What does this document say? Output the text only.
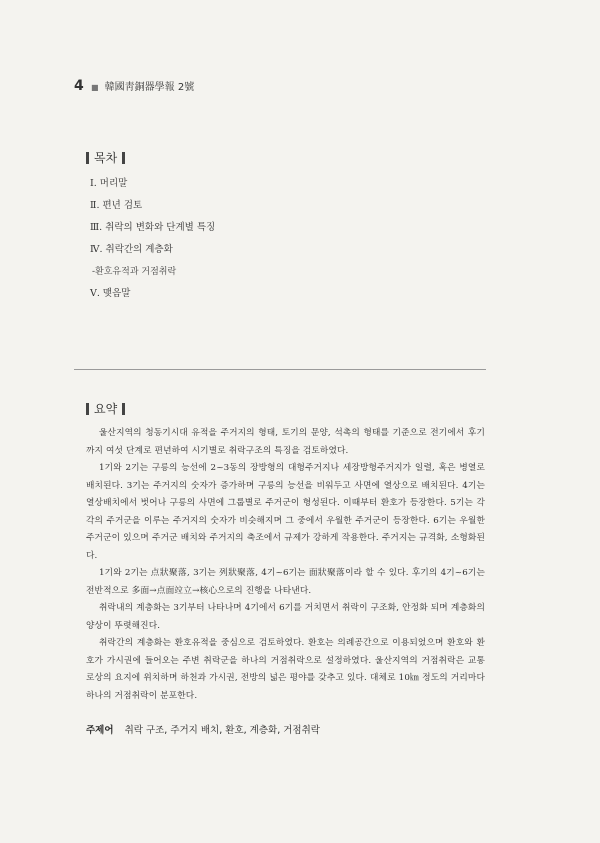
4 ■ 韓國靑銅器學報 2號
목차
Ⅰ. 머리말
Ⅱ. 편년 검토
Ⅲ. 취락의 변화와 단계별 특징
Ⅳ. 취락간의 계층화
-환호유적과 거점취락
Ⅴ. 맺음말
요약

울산지역의 청동기시대 유적을 주거지의 형태, 토기의 문양, 석촉의 형태를 기준으로 전기에서 후기까지 여섯 단계로 편년하여 시기별로 취락구조의 특징을 검토하였다.

1기와 2기는 구릉의 능선에 2~3동의 장방형의 대형주거지나 세장방형주거지가 일렬, 혹은 병열로 배치된다. 3기는 주거지의 숫자가 증가하며 구릉의 능선을 비워두고 사면에 열상으로 배치된다. 4기는 열상배치에서 벗어나 구릉의 사면에 그룹별로 주거군이 형성된다. 이때부터 환호가 등장한다. 5기는 각각의 주거군을 이루는 주거지의 숫자가 비슷해지며 그 중에서 우월한 주거군이 등장한다. 6기는 우월한 주거군이 있으며 주거군 배치와 주거지의 축조에서 규제가 강하게 작용한다. 주거지는 규격화, 소형화된다.

1기와 2기는 点狀聚落, 3기는 列狀聚落, 4기~6기는 面狀聚落이라 할 수 있다. 후기의 4기~6기는 전반적으로 多面→点面竝立→核心으로의 진행을 나타낸다.

취락내의 계층화는 3기부터 나타나며 4기에서 6기를 거치면서 취락이 구조화, 안정화 되며 계층화의 양상이 뚜렷해진다.

취락간의 계층화는 환호유적을 중심으로 검토하였다. 환호는 의례공간으로 이용되었으며 환호와 환호가 가시권에 들어오는 주변 취락군을 하나의 거점취락으로 설정하였다. 울산지역의 거점취락은 교통로상의 요지에 위치하며 하천과 가시권, 전방의 넓은 평야를 갖추고 있다. 대체로 10㎞ 정도의 거리마다 하나의 거점취락이 분포한다.

주제어 취락 구조, 주거지 배치, 환호, 계층화, 거점취락
